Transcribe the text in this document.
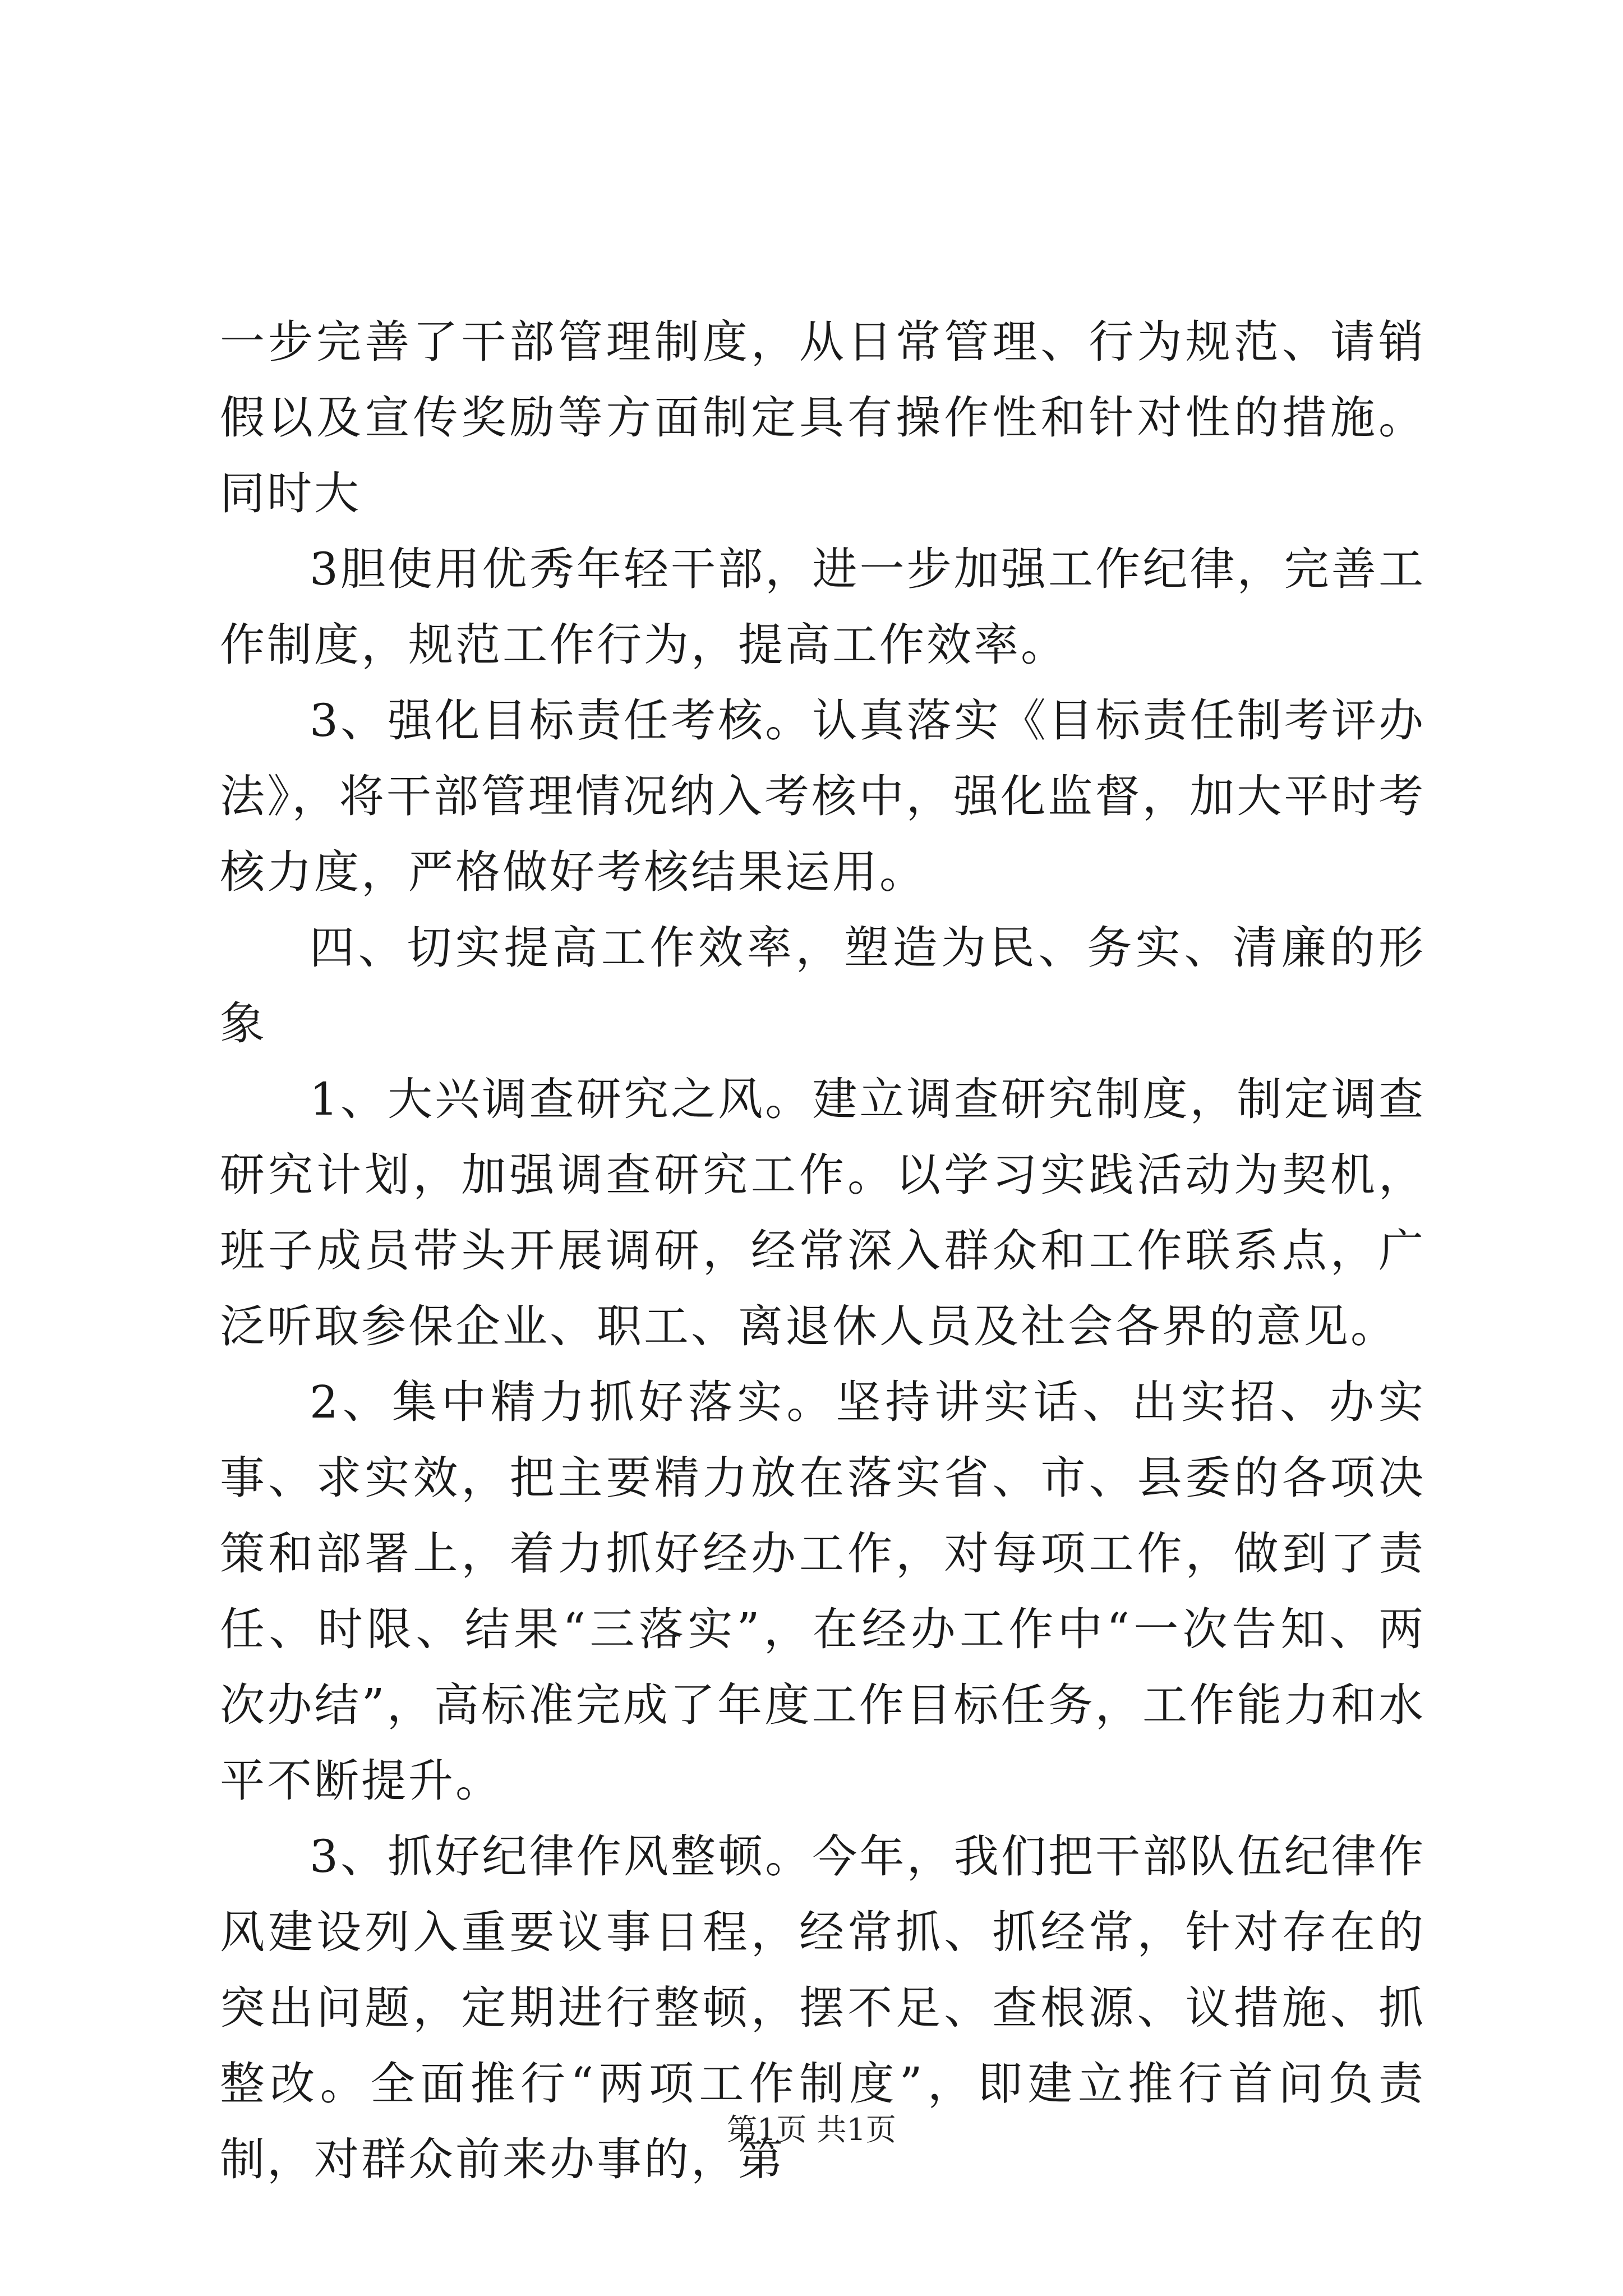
一步完善了干部管理制度，从日常管理、行为规范、请销假以及宣传奖励等方面制定具有操作性和针对性的措施。同时大

3胆使用优秀年轻干部，进一步加强工作纪律，完善工作制度，规范工作行为，提高工作效率。

3、强化目标责任考核。认真落实《目标责任制考评办法》，将干部管理情况纳入考核中，强化监督，加大平时考核力度，严格做好考核结果运用。

四、切实提高工作效率，塑造为民、务实、清廉的形象

1、大兴调查研究之风。建立调查研究制度，制定调查研究计划，加强调查研究工作。以学习实践活动为契机，班子成员带头开展调研，经常深入群众和工作联系点，广泛听取参保企业、职工、离退休人员及社会各界的意见。

2、集中精力抓好落实。坚持讲实话、出实招、办实事、求实效，把主要精力放在落实省、市、县委的各项决策和部署上，着力抓好经办工作，对每项工作，做到了责任、时限、结果“三落实”，在经办工作中“一次告知、两次办结”，高标准完成了年度工作目标任务，工作能力和水平不断提升。

3、抓好纪律作风整顿。今年，我们把干部队伍纪律作风建设列入重要议事日程，经常抓、抓经常，针对存在的突出问题，定期进行整顿，摆不足、查根源、议措施、抓整改。全面推行“两项工作制度”，即建立推行首问负责制，对群众前来办事的，第

第1页 共1页
